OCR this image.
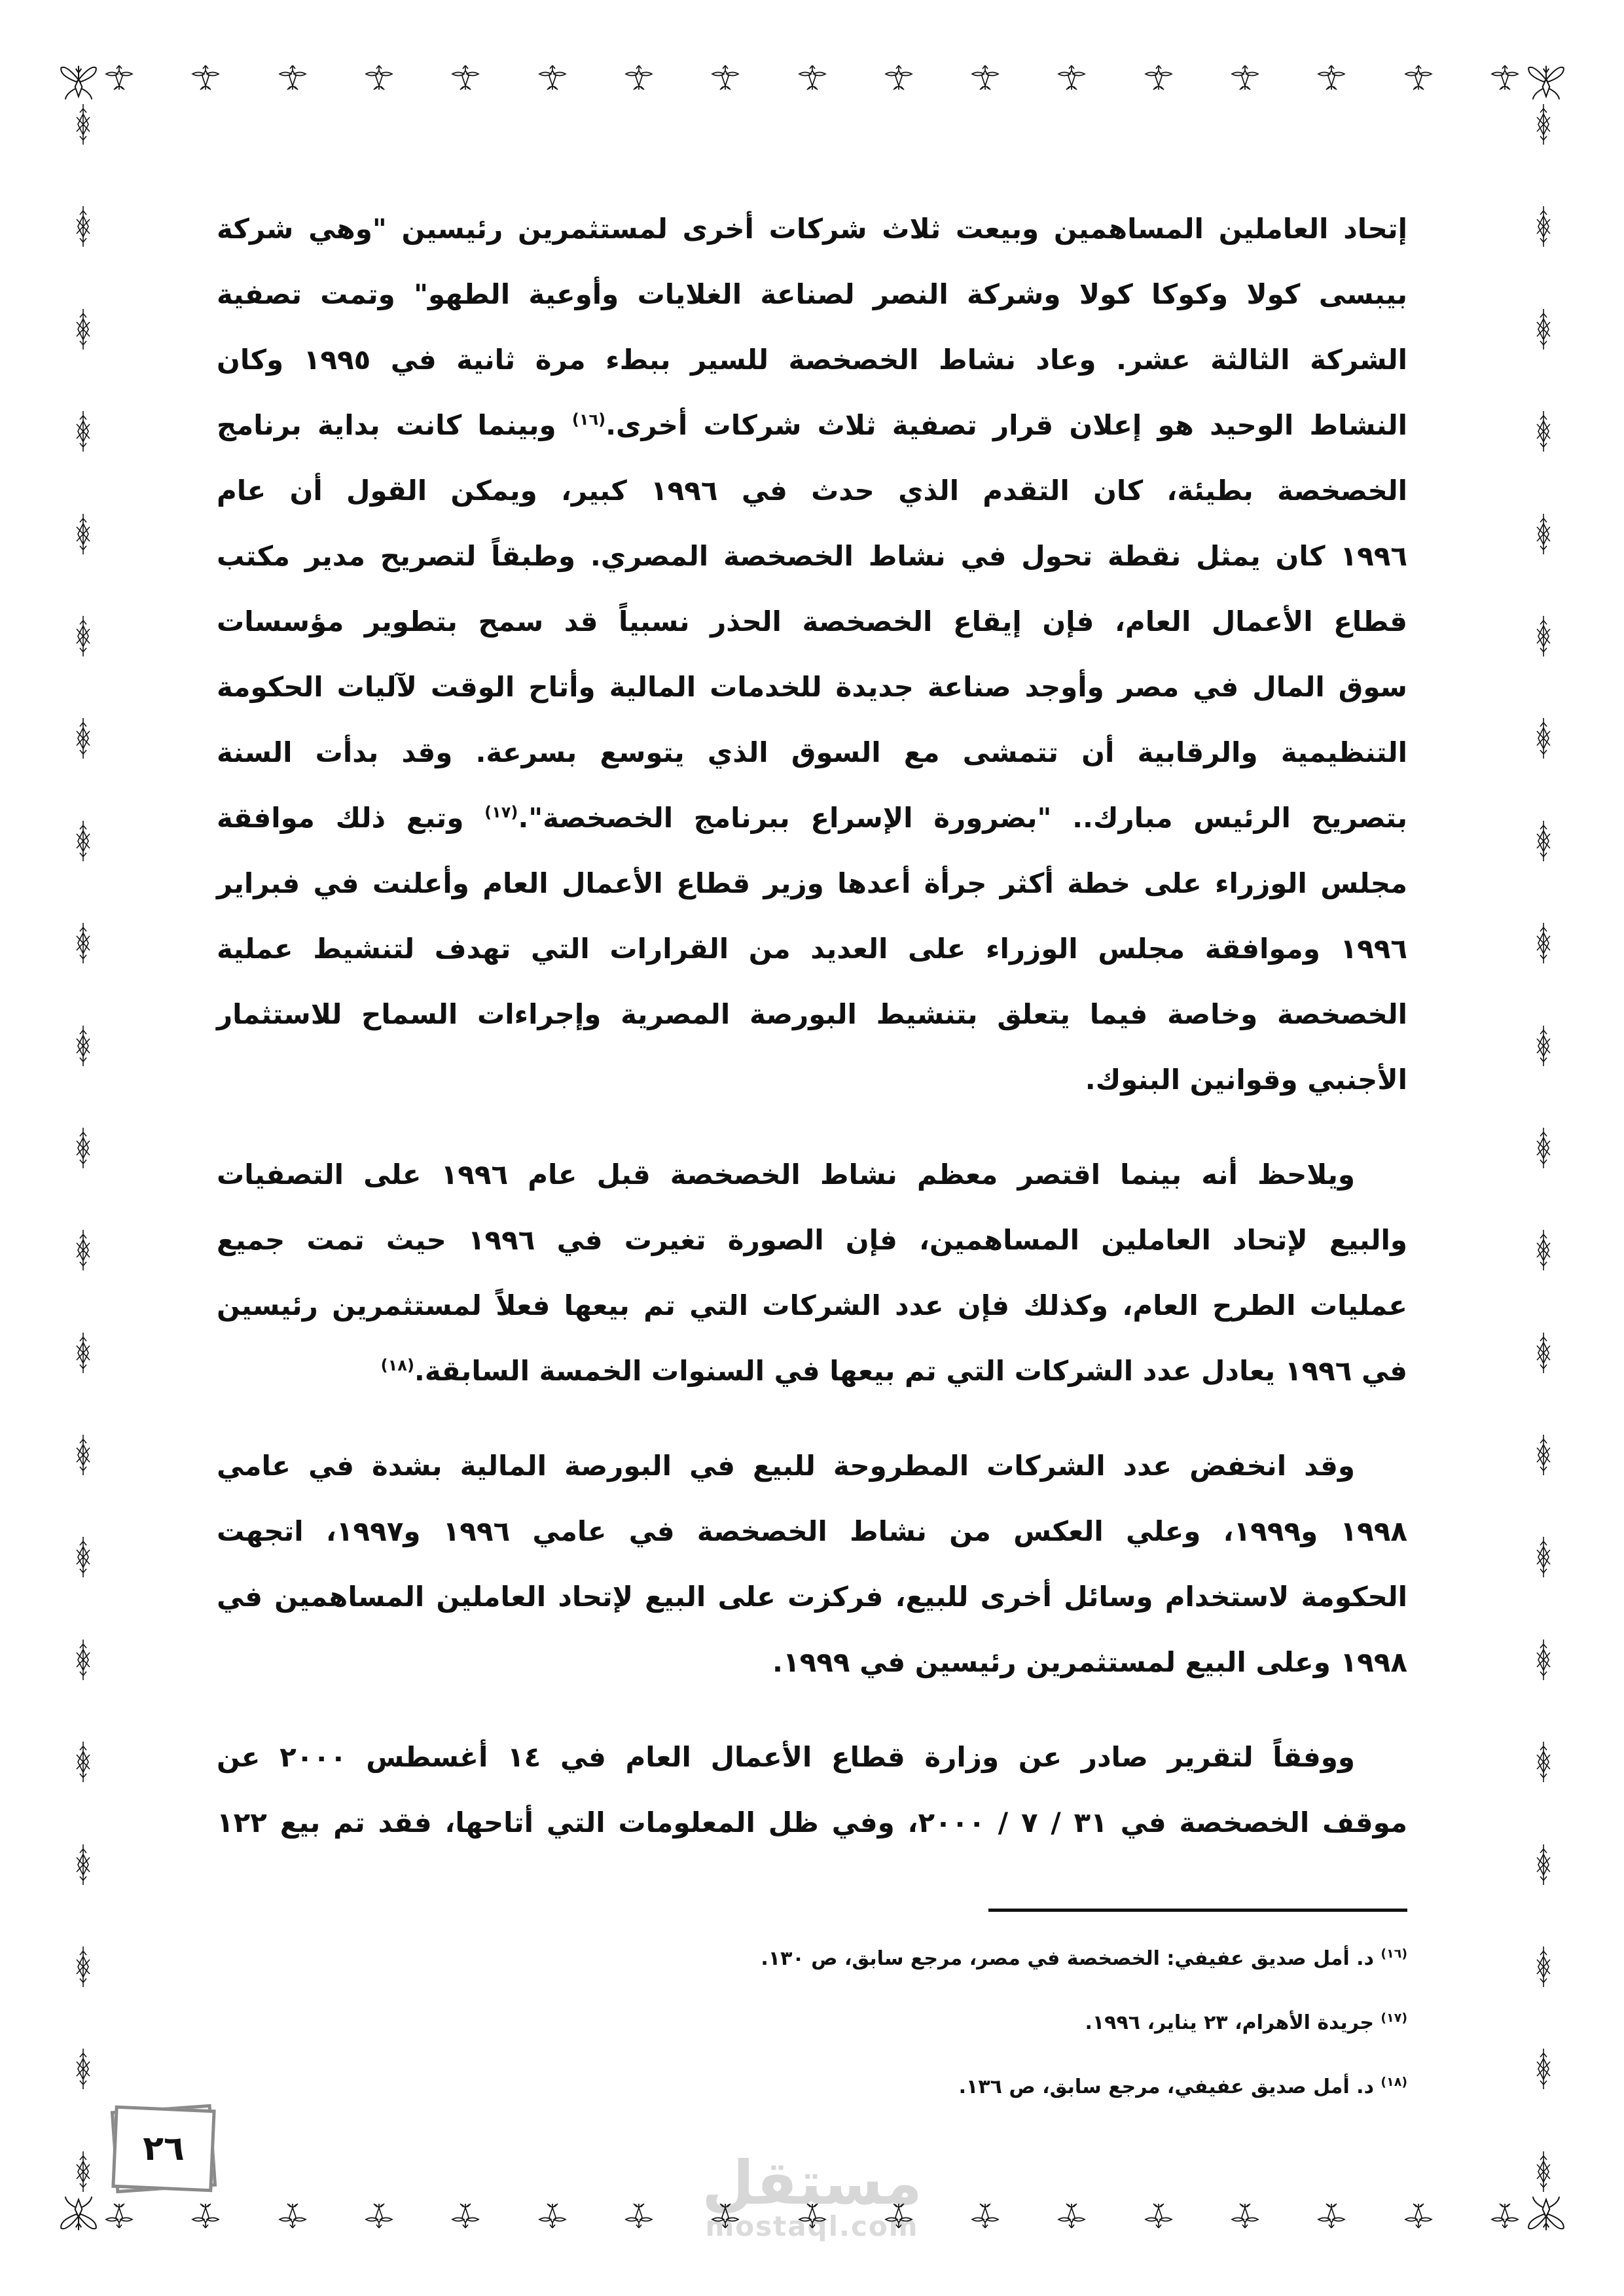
إتحاد العاملين المساهمين وبيعت ثلاث شركات أخرى لمستثمرين رئيسين "وهي شركة
بيبسى كولا وكوكا كولا وشركة النصر لصناعة الغلايات وأوعية الطهو" وتمت تصفية
الشركة الثالثة عشر. وعاد نشاط الخصخصة للسير ببطء مرة ثانية في ١٩٩٥ وكان
النشاط الوحيد هو إعلان قرار تصفية ثلاث شركات أخرى.$^{(١٦)}$ وبينما كانت بداية برنامج
الخصخصة بطيئة، كان التقدم الذي حدث في ١٩٩٦ كبير، ويمكن القول أن عام
١٩٩٦ كان يمثل نقطة تحول في نشاط الخصخصة المصري. وطبقاً لتصريح مدير مكتب
قطاع الأعمال العام، فإن إيقاع الخصخصة الحذر نسبياً قد سمح بتطوير مؤسسات
سوق المال في مصر وأوجد صناعة جديدة للخدمات المالية وأتاح الوقت لآليات الحكومة
التنظيمية والرقابية أن تتمشى مع السوق الذي يتوسع بسرعة. وقد بدأت السنة
بتصريح الرئيس مبارك.. "بضرورة الإسراع ببرنامج الخصخصة".$^{(١٧)}$ وتبع ذلك موافقة
مجلس الوزراء على خطة أكثر جرأة أعدها وزير قطاع الأعمال العام وأعلنت في فبراير
١٩٩٦ وموافقة مجلس الوزراء على العديد من القرارات التي تهدف لتنشيط عملية
الخصخصة وخاصة فيما يتعلق بتنشيط البورصة المصرية وإجراءات السماح للاستثمار
الأجنبي وقوانين البنوك.
ويلاحظ أنه بينما اقتصر معظم نشاط الخصخصة قبل عام ١٩٩٦ على التصفيات
والبيع لإتحاد العاملين المساهمين، فإن الصورة تغيرت في ١٩٩٦ حيث تمت جميع
عمليات الطرح العام، وكذلك فإن عدد الشركات التي تم بيعها فعلاً لمستثمرين رئيسين
في ١٩٩٦ يعادل عدد الشركات التي تم بيعها في السنوات الخمسة السابقة.$^{(١٨)}$
وقد انخفض عدد الشركات المطروحة للبيع في البورصة المالية بشدة في عامي
١٩٩٨ و١٩٩٩، وعلي العكس من نشاط الخصخصة في عامي ١٩٩٦ و١٩٩٧، اتجهت
الحكومة لاستخدام وسائل أخرى للبيع، فركزت على البيع لإتحاد العاملين المساهمين في
١٩٩٨ وعلى البيع لمستثمرين رئيسين في ١٩٩٩.
ووفقاً لتقرير صادر عن وزارة قطاع الأعمال العام في ١٤ أغسطس ٢٠٠٠ عن
موقف الخصخصة في ٣١ / ٧ / ٢٠٠٠، وفي ظل المعلومات التي أتاحها، فقد تم بيع ١٢٢
$^{(١٦)}$ د. أمل صديق عفيفي: الخصخصة في مصر، مرجع سابق، ص ١٣٠.
$^{(١٧)}$ جريدة الأهرام، ٢٣ يناير، ١٩٩٦.
$^{(١٨)}$ د. أمل صديق عفيفي، مرجع سابق، ص ١٣٦.
٢٦	مستقل
mostaql.com
